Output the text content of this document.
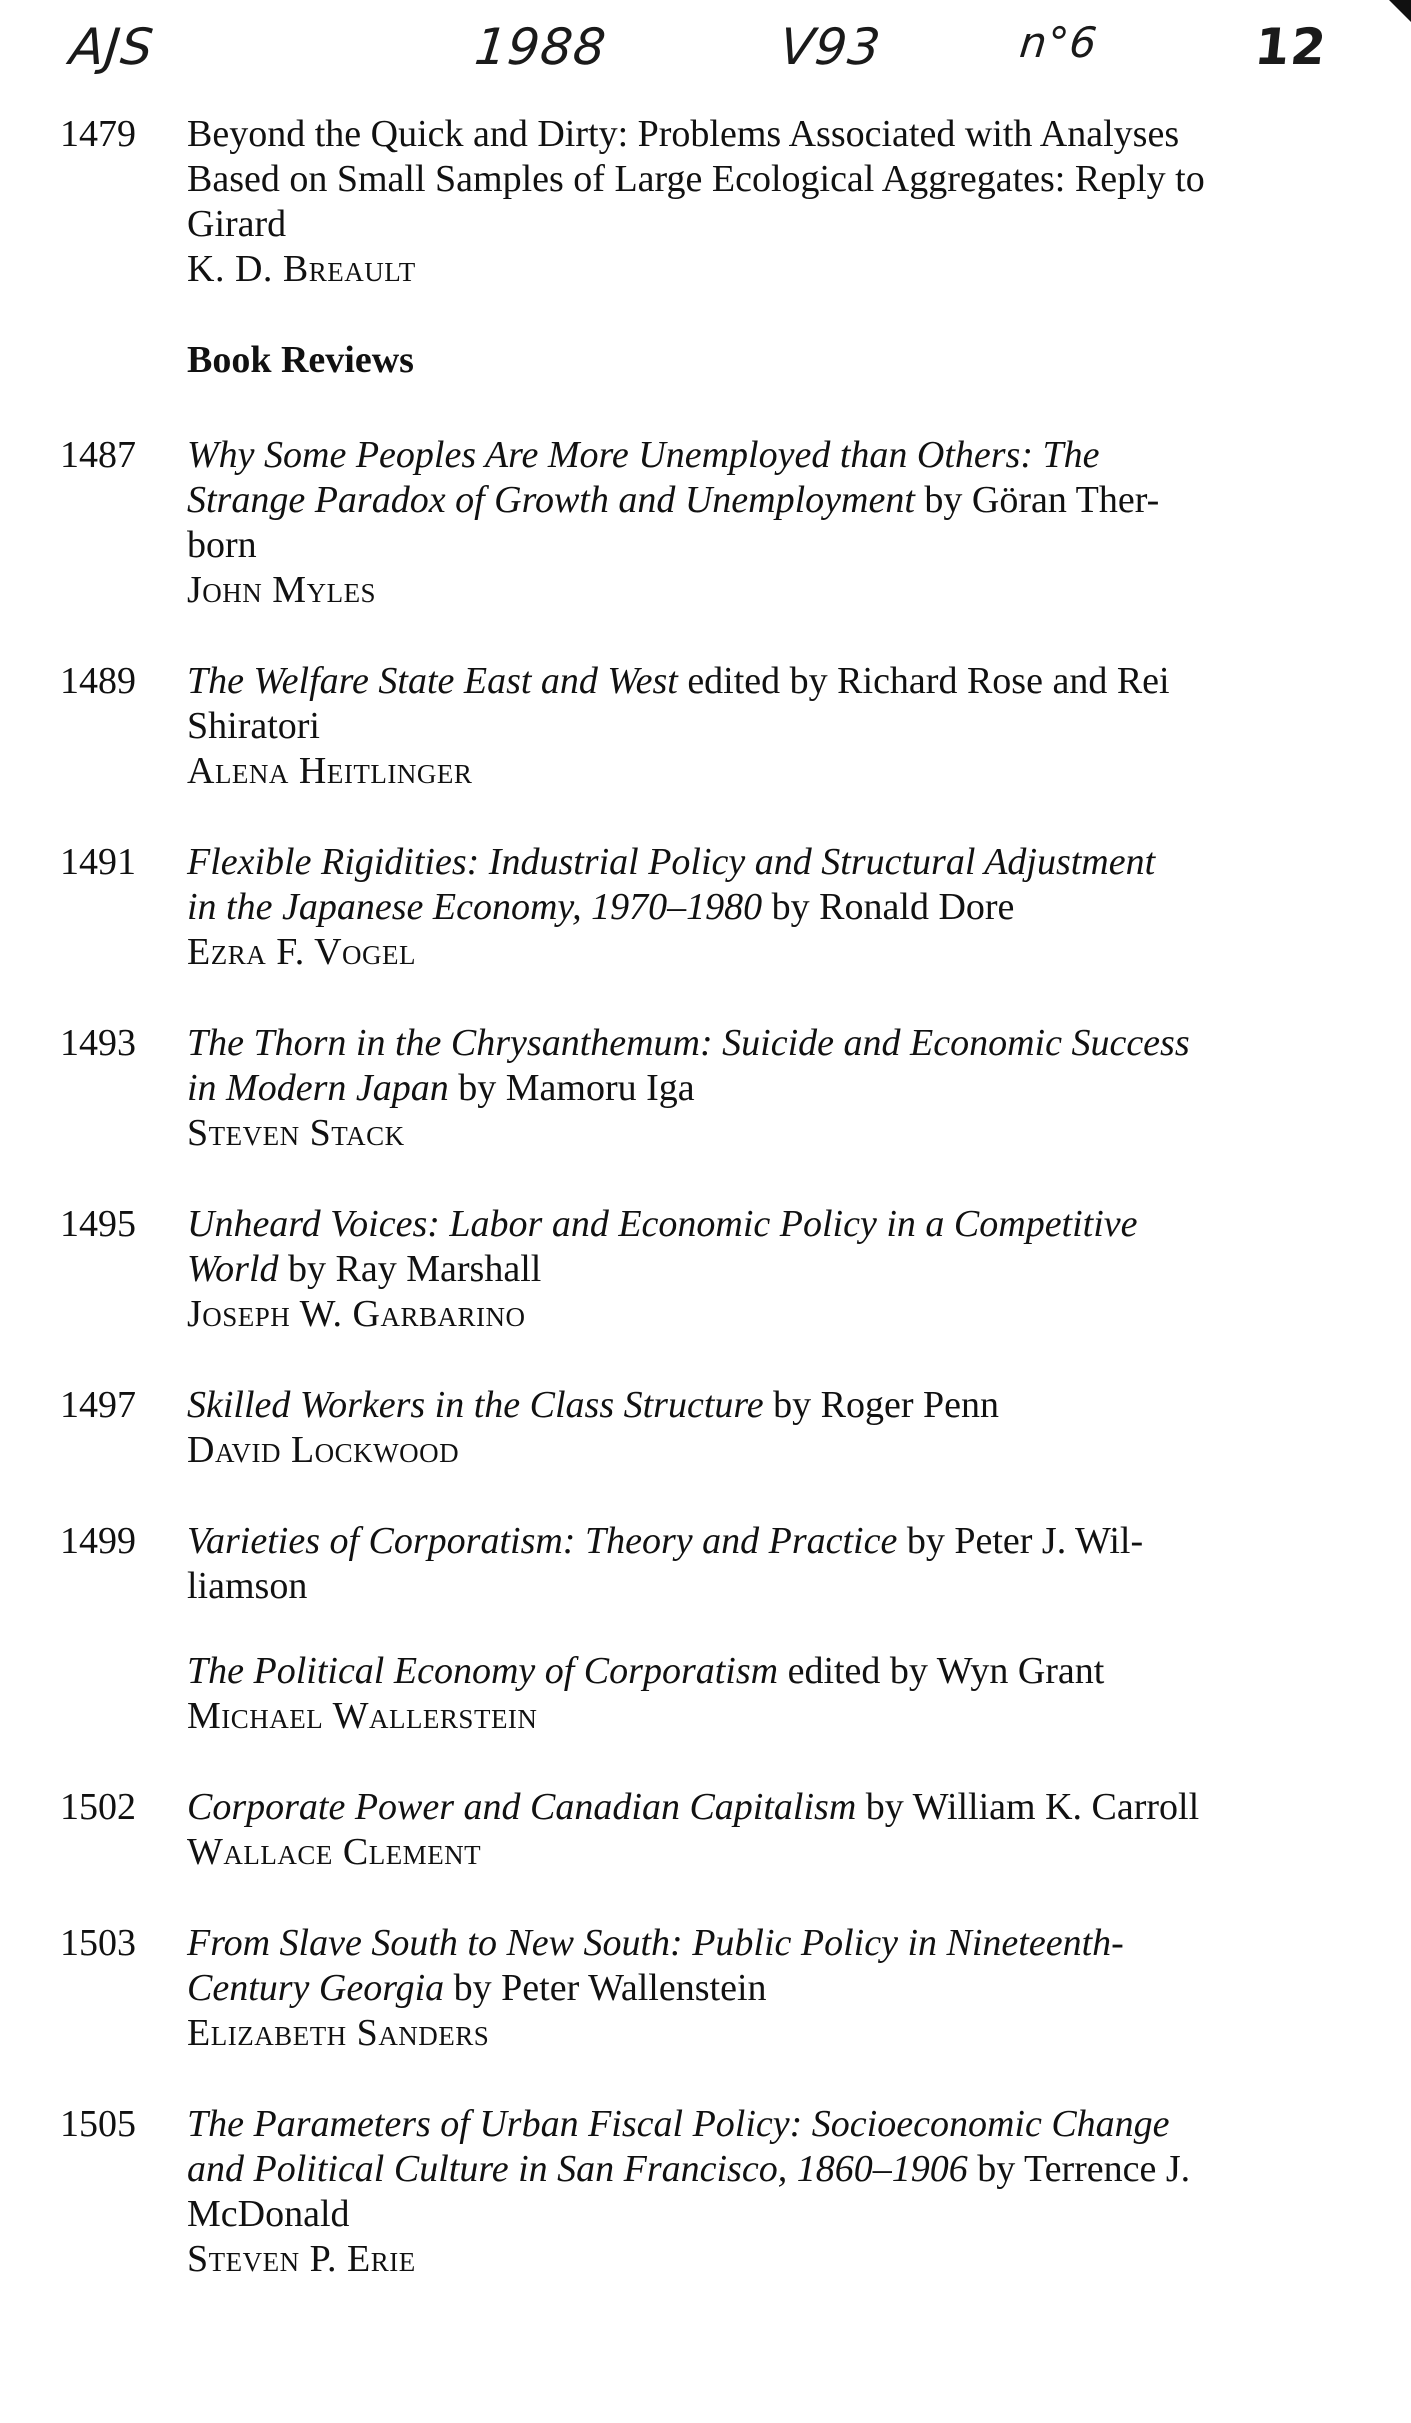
AJS	1988	V93	n°6	12
1479	Beyond the Quick and Dirty: Problems Associated with Analyses
Based on Small Samples of Large Ecological Aggregates: Reply to
Girard
K. D. Breault
Book Reviews
1487	Why Some Peoples Are More Unemployed than Others: The
Strange Paradox of Growth and Unemployment by Göran Ther-
born
John Myles
1489	The Welfare State East and West edited by Richard Rose and Rei
Shiratori
Alena Heitlinger
1491	Flexible Rigidities: Industrial Policy and Structural Adjustment
in the Japanese Economy, 1970–1980 by Ronald Dore
Ezra F. Vogel
1493	The Thorn in the Chrysanthemum: Suicide and Economic Success
in Modern Japan by Mamoru Iga
Steven Stack
1495	Unheard Voices: Labor and Economic Policy in a Competitive
World by Ray Marshall
Joseph W. Garbarino
1497	Skilled Workers in the Class Structure by Roger Penn
David Lockwood
1499	Varieties of Corporatism: Theory and Practice by Peter J. Wil-
liamson
The Political Economy of Corporatism edited by Wyn Grant
Michael Wallerstein
1502	Corporate Power and Canadian Capitalism by William K. Carroll
Wallace Clement
1503	From Slave South to New South: Public Policy in Nineteenth-
Century Georgia by Peter Wallenstein
Elizabeth Sanders
1505	The Parameters of Urban Fiscal Policy: Socioeconomic Change
and Political Culture in San Francisco, 1860–1906 by Terrence J.
McDonald
Steven P. Erie
